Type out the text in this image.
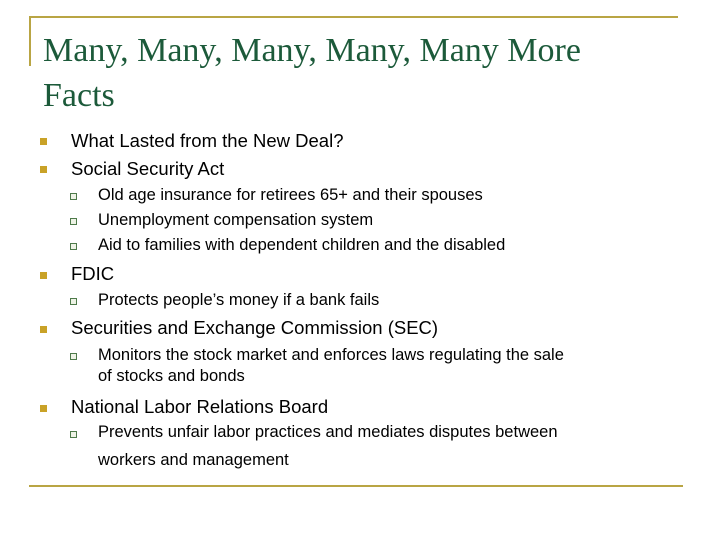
Many, Many, Many, Many, Many More
Facts
What Lasted from the New Deal?
Social Security Act
Old age insurance for retirees 65+ and their spouses
Unemployment compensation system
Aid to families with dependent children and the disabled
FDIC
Protects people’s money if a bank fails
Securities and Exchange Commission (SEC)
Monitors the stock market and enforces laws regulating the sale
of stocks and bonds
National Labor Relations Board
Prevents unfair labor practices and mediates disputes between
workers and management
